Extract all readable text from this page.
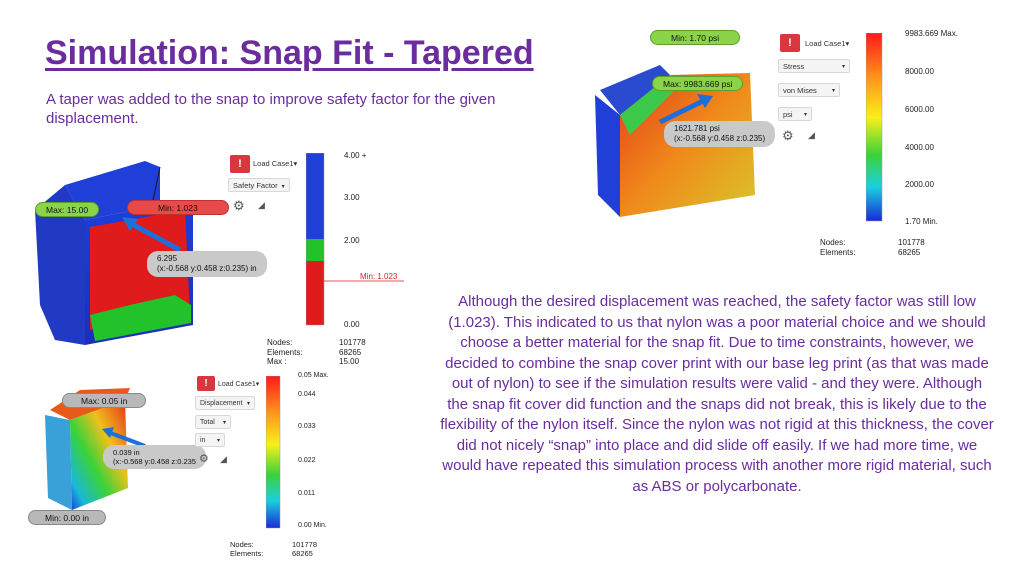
Simulation: Snap Fit - Tapered
A taper was added to the snap to improve safety factor for the given displacement.
Although the desired displacement was reached, the safety factor was still low (1.023). This indicated to us that nylon was a poor material choice and we should choose a better material for the snap fit. Due to time constraints, however, we decided to combine the snap cover print with our base leg print (as that was made out of nylon) to see if the simulation results were valid - and they were. Although the snap fit cover did function and the snaps did not break, this is likely due to the flexibility of the nylon itself. Since the nylon was not rigid at this thickness, the cover did not nicely “snap” into place and did slide off easily. If we had more time, we would have repeated this simulation process with another more rigid material, such as ABS or polycarbonate.
Max: 15.00	Min: 1.023
6.295
(x:-0.568 y:0.458 z:0.235) in
!	Load Case1▾
Safety Factor ▾
⚙ ◢
4.00 +
3.00
2.00
Min: 1.023
0.00
Nodes:	101778
Elements:	68265
Max :	15.00
Min: 1.70 psi
Max: 9983.669 psi
1621.781 psi
(x:-0.568 y:0.458 z:0.235) ⚙ ◢
!	Load Case1▾
Stress	▾
von Mises	▾
psi ▾
9983.669 Max.
8000.00
6000.00
4000.00
2000.00
1.70 Min.
Nodes:	101778
Elements:	68265
Max: 0.05 in
Min: 0.00 in
0.039 in
(x:-0.568 y:0.458 z:0.235 ⚙ ◢
!	Load Case1▾
Displacement ▾
Total ▾
in ▾
0.05 Max.
0.044
0.033
0.022
0.011
0.00 Min.
Nodes:	101778
Elements:	68265
